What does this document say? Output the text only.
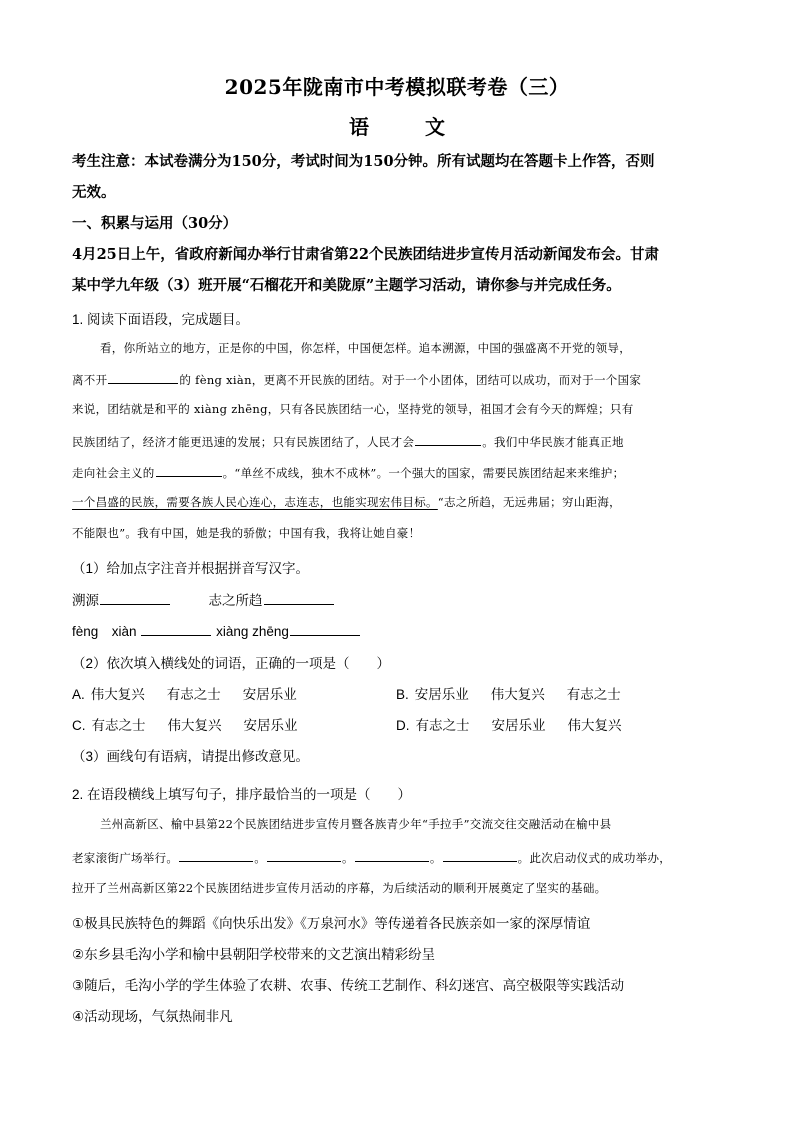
2025年陇南市中考模拟联考卷（三）
语　文
考生注意：本试卷满分为150分，考试时间为150分钟。所有试题均在答题卡上作答，否则
无效。
一、积累与运用（30分）
4月25日上午，省政府新闻办举行甘肃省第22个民族团结进步宣传月活动新闻发布会。甘肃
某中学九年级（3）班开展“石榴花开和美陇原”主题学习活动，请你参与并完成任务。
1. 阅读下面语段，完成题目。
看，你所站立的地方，正是你的中国，你怎样，中国便怎样。追本溯源，中国的强盛离不开党的领导，
离不开	的 fèng xiàn，更离不开民族的团结。对于一个小团体，团结可以成功，而对于一个国家
来说，团结就是和平的 xiàng zhēng，只有各民族团结一心，坚持党的领导，祖国才会有今天的辉煌；只有
民族团结了，经济才能更迅速的发展；只有民族团结了，人民才会	。我们中华民族才能真正地
走向社会主义的	。“单丝不成线，独木不成林”。一个强大的国家，需要民族团结起来来维护；
一个昌盛的民族，需要各族人民心连心，志连志，也能实现宏伟目标。“志之所趋，无远弗届；穷山距海，
不能限也”。我有中国，她是我的骄傲；中国有我，我将让她自豪！
（1）给加点字注音并根据拼音写汉字。
溯源	志之所趋
fèng　xiàn	xiàng zhēng
（2）依次填入横线处的词语，正确的一项是（　　）
A. 伟大复兴 有志之士 安居乐业	B. 安居乐业 伟大复兴 有志之士
C. 有志之士 伟大复兴 安居乐业	D. 有志之士 安居乐业 伟大复兴
（3）画线句有语病，请提出修改意见。
2. 在语段横线上填写句子，排序最恰当的一项是（　　）
兰州高新区、榆中县第22个民族团结进步宣传月暨各族青少年“手拉手”交流交往交融活动在榆中县
老家滚街广场举行。	。	。	。	。此次启动仪式的成功举办，
拉开了兰州高新区第22个民族团结进步宣传月活动的序幕，为后续活动的顺利开展奠定了坚实的基础。
①极具民族特色的舞蹈《向快乐出发》《万泉河水》等传递着各民族亲如一家的深厚情谊
②东乡县毛沟小学和榆中县朝阳学校带来的文艺演出精彩纷呈
③随后，毛沟小学的学生体验了农耕、农事、传统工艺制作、科幻迷宫、高空极限等实践活动
④活动现场，气氛热闹非凡
